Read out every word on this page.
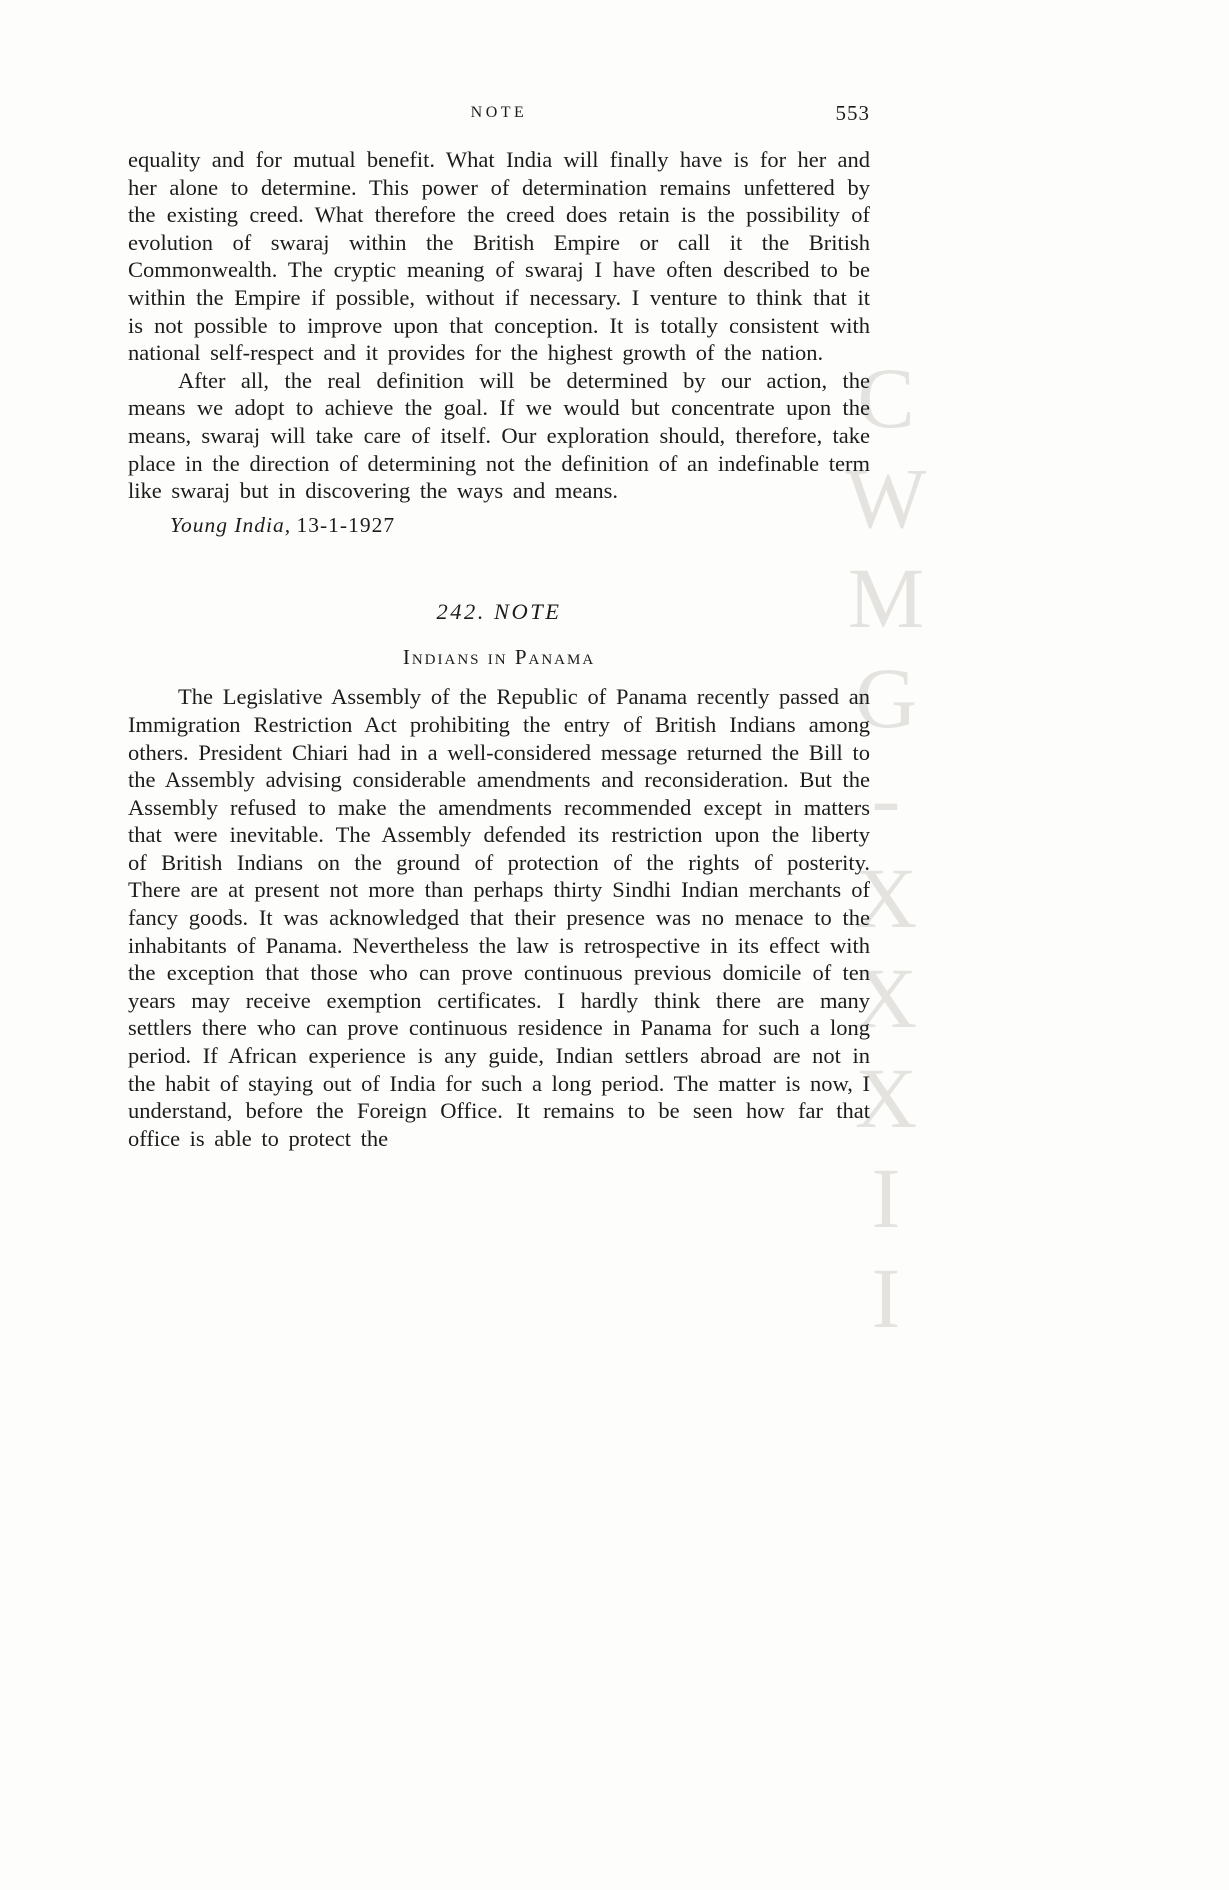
CWMG-XXXII
NOTE	553

equality and for mutual benefit. What India will finally have is for her and her alone to determine. This power of determination remains unfettered by the existing creed. What therefore the creed does retain is the possibility of evolution of swaraj within the British Empire or call it the British Commonwealth. The cryptic meaning of swaraj I have often described to be within the Empire if possible, without if necessary. I venture to think that it is not possible to improve upon that conception. It is totally consistent with national self-respect and it provides for the highest growth of the nation.

After all, the real definition will be determined by our action, the means we adopt to achieve the goal. If we would but concentrate upon the means, swaraj will take care of itself. Our exploration should, therefore, take place in the direction of determining not the definition of an indefinable term like swaraj but in discovering the ways and means.

Young India, 13-1-1927

242. NOTE
Indians in Panama

The Legislative Assembly of the Republic of Panama recently passed an Immigration Restriction Act prohibiting the entry of British Indians among others. President Chiari had in a well-considered message returned the Bill to the Assembly advising considerable amendments and reconsideration. But the Assembly refused to make the amendments recommended except in matters that were inevitable. The Assembly defended its restriction upon the liberty of British Indians on the ground of protection of the rights of posterity. There are at present not more than perhaps thirty Sindhi Indian merchants of fancy goods. It was acknowledged that their presence was no menace to the inhabitants of Panama. Nevertheless the law is retrospective in its effect with the exception that those who can prove continuous previous domicile of ten years may receive exemption certificates. I hardly think there are many settlers there who can prove continuous residence in Panama for such a long period. If African experience is any guide, Indian settlers abroad are not in the habit of staying out of India for such a long period. The matter is now, I understand, before the Foreign Office. It remains to be seen how far that office is able to protect the
